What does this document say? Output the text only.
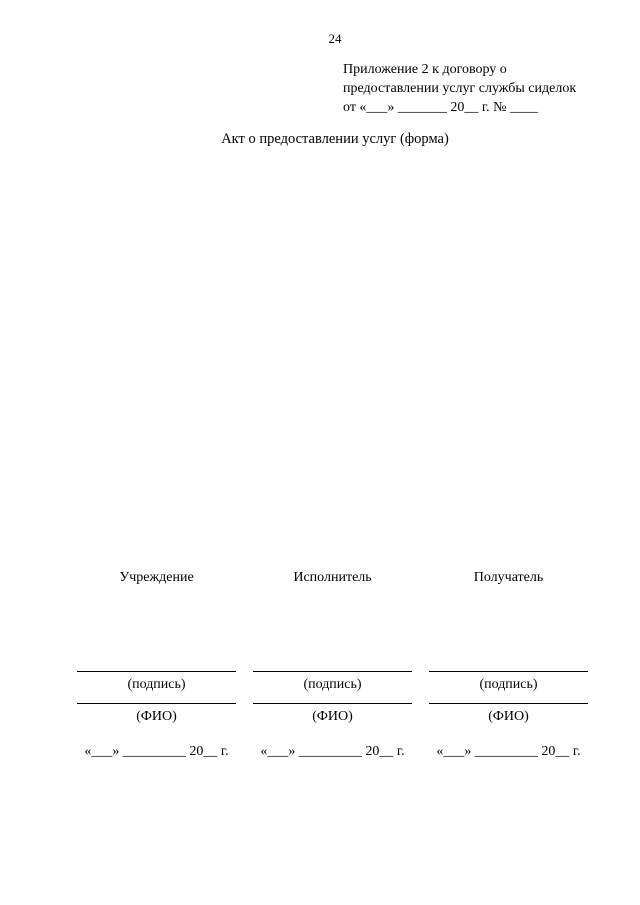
24
Приложение 2 к договору о
предоставлении услуг службы сиделок
от «___» _______ 20__ г. № ____
Акт о предоставлении услуг (форма)
Учреждение
(подпись)
(ФИО)
«___» _________ 20__ г.
Исполнитель
(подпись)
(ФИО)
«___» _________ 20__ г.
Получатель
(подпись)
(ФИО)
«___» _________ 20__ г.
